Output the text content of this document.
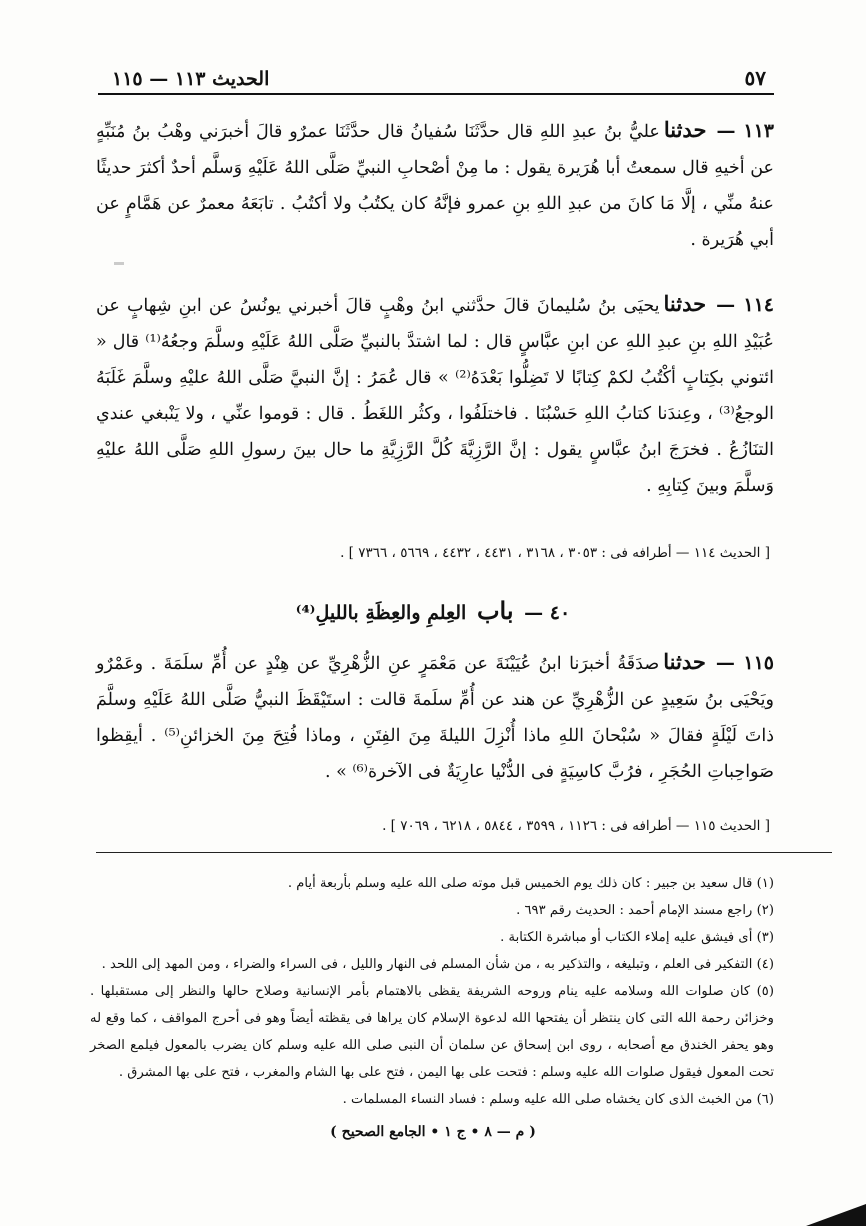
٥٧
الحديث ١١٣ — ١١٥
١١٣ —حدثناعليُّ بنُ عبدِ اللهِ قال حدَّثَنَا سُفيانُ قال حدَّثَنَا عمرٌو قالَ أخبرَني وهْبُ بنُ مُنَبِّهٍ عن أخيهِ قال سمعتُ أبا هُرَيرة يقول : ما مِنْ أصْحابِ النبيِّ صَلَّى اللهُ عَلَيْهِ وَسلَّم أحدٌ أكثرَ حديثًا عنهُ منِّي ، إلَّا مَا كانَ من عبدِ اللهِ بنِ عمرو فإنَّهُ كان يكتُبُ ولا أكتُبُ . تابَعَهُ معمرٌ عن هَمَّامٍ عن أبي هُرَيرة .
١١٤ —حدثنايحيَى بنُ سُليمانَ قالَ حدَّثني ابنُ وهْبٍ قالَ أخبرني يونُسُ عن ابنِ شِهابٍ عن عُبَيْدِ اللهِ بنِ عبدِ اللهِ عن ابنِ عبَّاسٍ قال : لما اشتدَّ بالنبيِّ صَلَّى اللهُ عَلَيْهِ وسلَّمَ وجعُهُ⁽¹⁾ قال « ائتوني بكِتابٍ أكْتُبُ لكمْ كِتابًا لا تَضِلُّوا بَعْدَهُ⁽²⁾ » قال عُمَرُ : إنَّ النبيَّ صَلَّى اللهُ عليْهِ وسلَّمَ غَلَبَهُ الوجعُ⁽³⁾ ، وعِندَنا كتابُ اللهِ حَسْبُنَا . فاختلَفُوا ، وكثُر اللغَطُ . قال : قوموا عنِّي ، ولا يَنْبغي عندي التنَازُعُ . فخرَجَ ابنُ عبَّاسٍ يقول : إنَّ الرَّزِيَّةَ كُلَّ الرَّزِيَّةِ ما حال بينَ رسولِ اللهِ صَلَّى اللهُ عليْهِ وَسلَّمَ وبينَ كِتابِهِ .
[ الحديث ١١٤ — أطرافه فى : ٣٠٥٣ ، ٣١٦٨ ، ٤٤٣١ ، ٤٤٣٢ ، ٥٦٦٩ ، ٧٣٦٦ ] .
٤٠ — باب العِلمِ والعِظَةِ بالليلِ⁽⁴⁾
١١٥ —حدثناصدَقَةُ أخبرَنا ابنُ عُيَيْنَةَ عن مَعْمَرٍ عنِ الزُّهْرِيِّ عن هِنْدٍ عن أُمِّ سلَمَةَ . وعَمْرٌو ويَحْيَى بنُ سَعِيدٍ عن الزُّهْرِيِّ عن هند عن أُمِّ سلَمةَ قالت : استَيْقَظَ النبيُّ صَلَّى اللهُ عَلَيْهِ وسلَّمَ ذاتَ لَيْلَةٍ فقالَ « سُبْحانَ اللهِ ماذا أُنْزِلَ الليلةَ مِنَ الفِتَنِ ، وماذا فُتِحَ مِنَ الخزائنِ⁽⁵⁾ . أيقِظوا صَواحِباتِ الحُجَرِ ، فرُبَّ كاسِيَةٍ فى الدُّنْيا عارِيَةٌ فى الآخرة⁽⁶⁾ » .
[ الحديث ١١٥ — أطرافه فى : ١١٢٦ ، ٣٥٩٩ ، ٥٨٤٤ ، ٦٢١٨ ، ٧٠٦٩ ] .

(١) قال سعيد بن جبير : كان ذلك يوم الخميس قبل موته صلى الله عليه وسلم بأربعة أيام .

(٢) راجع مسند الإمام أحمد : الحديث رقم ٦٩٣ .

(٣) أى فيشق عليه إملاء الكتاب أو مباشرة الكتابة .

(٤) التفكير فى العلم ، وتبليغه ، والتذكير به ، من شأن المسلم فى النهار والليل ، فى السراء والضراء ، ومن المهد إلى اللحد .

(٥) كان صلوات الله وسلامه عليه ينام وروحه الشريفة يقظى بالاهتمام بأمر الإنسانية وصلاح حالها والنظر إلى مستقبلها . وخزائن رحمة الله التى كان ينتظر أن يفتحها الله لدعوة الإسلام كان يراها فى يقظته أيضاً وهو فى أحرج المواقف ، كما وقع له وهو يحفر الخندق مع أصحابه ، روى ابن إسحاق عن سلمان أن النبى صلى الله عليه وسلم كان يضرب بالمعول فيلمع الصخر تحت المعول فيقول صلوات الله عليه وسلم : فتحت على بها اليمن ، فتح على بها الشام والمغرب ، فتح على بها المشرق .

(٦) من الخبث الذى كان يخشاه صلى الله عليه وسلم : فساد النساء المسلمات .

( م — ٨ • ج ١ • الجامع الصحيح )
